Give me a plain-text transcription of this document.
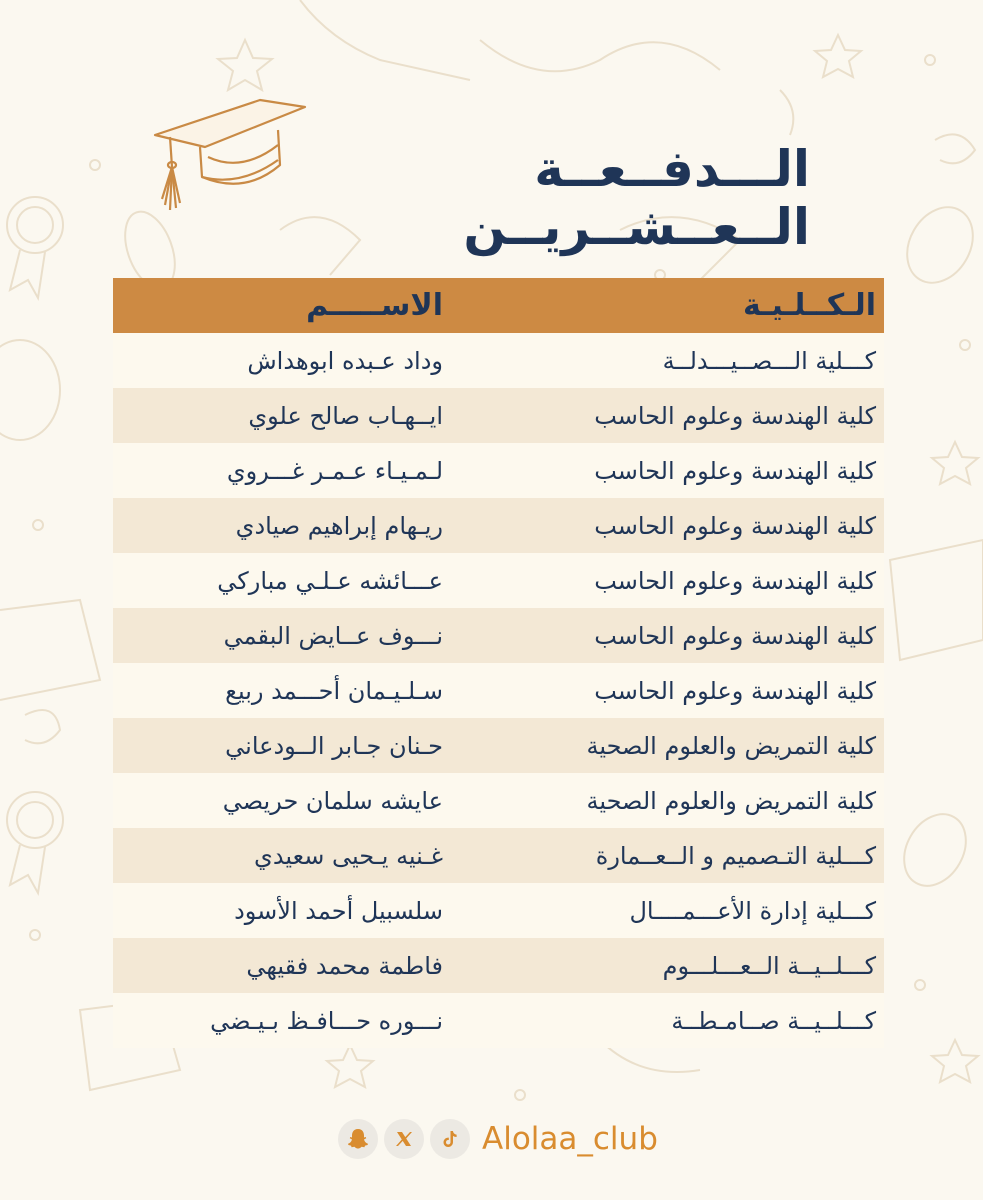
الـــدفــعــة الــعــشــريــن
الـكــلـيـة
الاســـــم
كـــلية الـــصــيـــدلــة
وداد عـبده ابوهداش
كلية الهندسة وعلوم الحاسب
ايــهـاب صالح علوي
كلية الهندسة وعلوم الحاسب
لـمـيـاء عـمـر غـــروي
كلية الهندسة وعلوم الحاسب
ريـهام إبراهيم صيادي
كلية الهندسة وعلوم الحاسب
عـــائشه عـلـي مباركي
كلية الهندسة وعلوم الحاسب
نـــوف عــايض البقمي
كلية الهندسة وعلوم الحاسب
سـلـيـمان أحـــمد ربيع
كلية التمريض والعلوم الصحية
حـنان جـابر الــودعاني
كلية التمريض والعلوم الصحية
عايشه سلمان حريصي
كـــلية التـصميم و الــعــمارة
غـنيه يـحيى سعيدي
كـــلية إدارة الأعـــمــــال
سلسبيل أحمد الأسود
كـــلــيــة الــعـــلـــوم
فاطمة محمد فقيهي
كـــلــيــة صــامـطــة
نـــوره حـــافـظ بـيـضي
Alolaa_club
